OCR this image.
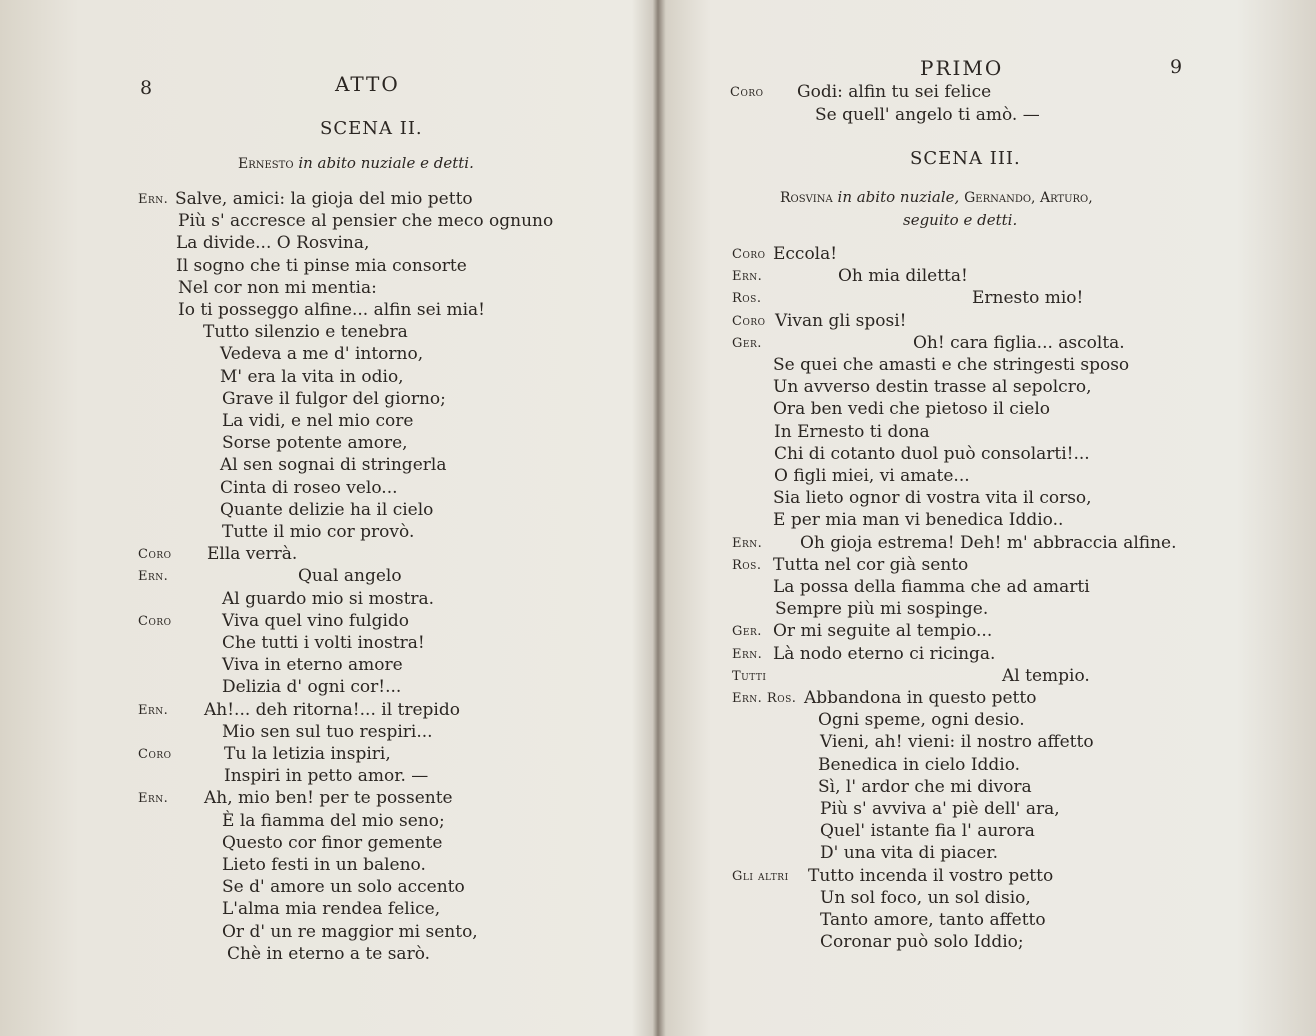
8	ATTO
SCENA II.
Ernesto in abito nuziale e detti.
Ern. Salve, amici: la gioja del mio petto
Più s' accresce al pensier che meco ognuno
La divide... O Rosvina,
Il sogno che ti pinse mia consorte
Nel cor non mi mentia:
Io ti posseggo alfine... alfin sei mia!
Tutto silenzio e tenebra
Vedeva a me d' intorno,
M' era la vita in odio,
Grave il fulgor del giorno;
La vidi, e nel mio core
Sorse potente amore,
Al sen sognai di stringerla
Cinta di roseo velo...
Quante delizie ha il cielo
Tutte il mio cor provò.
Coro Ella verrà.
Ern.	Qual angelo
Al guardo mio si mostra.
Coro	Viva quel vino fulgido
Che tutti i volti inostra!
Viva in eterno amore
Delizia d' ogni cor!...
Ern. Ah!... deh ritorna!... il trepido
Mio sen sul tuo respiri...
Coro	Tu la letizia inspiri,
Inspiri in petto amor. —
Ern. Ah, mio ben! per te possente
È la fiamma del mio seno;
Questo cor finor gemente
Lieto festi in un baleno.
Se d' amore un solo accento
L'alma mia rendea felice,
Or d' un re maggior mi sento,
Chè in eterno a te sarò.
PRIMO	9
Coro Godi: alfin tu sei felice
Se quell' angelo ti amò. —
SCENA III.
Rosvina in abito nuziale, Gernando, Arturo,
seguito e detti.
Coro Eccola!
Ern.	Oh mia diletta!
Ros.	Ernesto mio!
Coro Vivan gli sposi!
Ger.	Oh! cara figlia... ascolta.
Se quei che amasti e che stringesti sposo
Un avverso destin trasse al sepolcro,
Ora ben vedi che pietoso il cielo
In Ernesto ti dona
Chi di cotanto duol può consolarti!...
O figli miei, vi amate...
Sia lieto ognor di vostra vita il corso,
E per mia man vi benedica Iddio..
Ern. Oh gioja estrema! Deh! m' abbraccia alfine.
Ros. Tutta nel cor già sento
La possa della fiamma che ad amarti
Sempre più mi sospinge.
Ger. Or mi seguite al tempio...
Ern. Là nodo eterno ci ricinga.
Tutti	Al tempio.
Ern. Ros. Abbandona in questo petto
Ogni speme, ogni desio.
Vieni, ah! vieni: il nostro affetto
Benedica in cielo Iddio.
Sì, l' ardor che mi divora
Più s' avviva a' piè dell' ara,
Quel' istante fia l' aurora
D' una vita di piacer.
Gli altri Tutto incenda il vostro petto
Un sol foco, un sol disio,
Tanto amore, tanto affetto
Coronar può solo Iddio;
